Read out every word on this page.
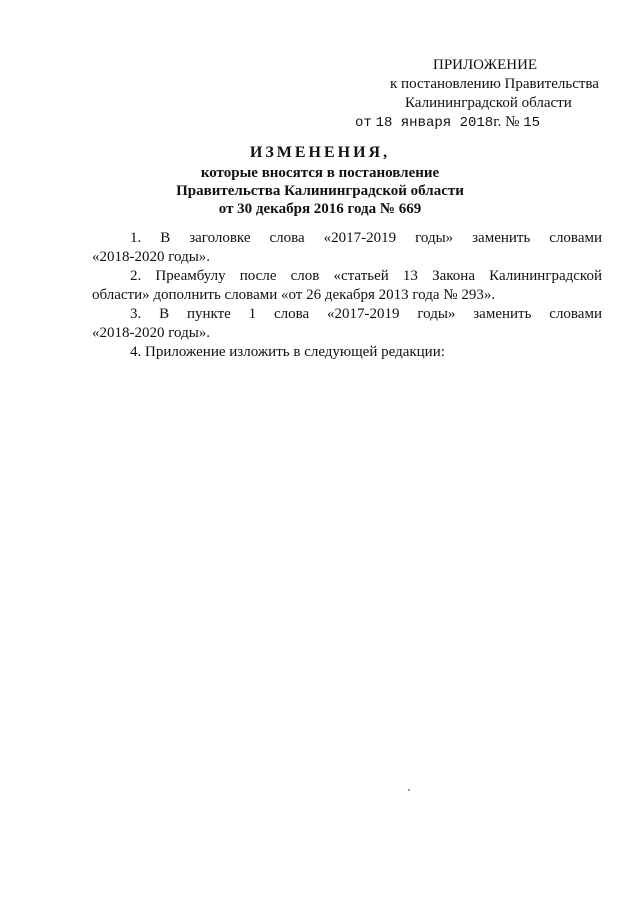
ПРИЛОЖЕНИЕ
к постановлению Правительства
Калининградской области
от 18 января 2018г. № 15
ИЗМЕНЕНИЯ,
которые вносятся в постановление
Правительства Калининградской области
от 30 декабря 2016 года № 669
1. В заголовке слова «2017-2019 годы» заменить словами
«2018-2020 годы».
2. Преамбулу после слов «статьей 13 Закона Калининградской
области» дополнить словами «от 26 декабря 2013 года № 293».
3. В пункте 1 слова «2017-2019 годы» заменить словами
«2018-2020 годы».
4. Приложение изложить в следующей редакции:
